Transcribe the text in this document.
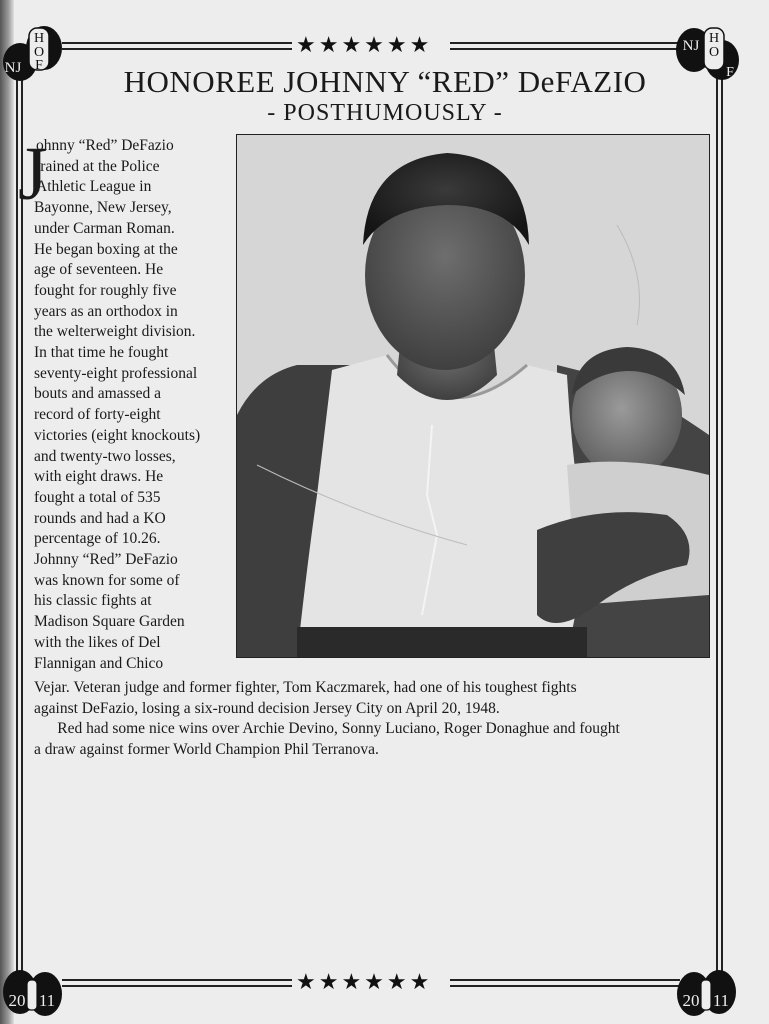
★★★★★★
★★★★★★
H
NJ
O
F
NJ H
O
F
20 11	20 11
HONOREE JOHNNY “RED” DeFAZIO
- POSTHUMOUSLY -
J
ohnny “Red” DeFazio
trained at the Police
Athletic League in
Bayonne, New Jersey,
under Carman Roman.
He began boxing at the
age of seventeen. He
fought for roughly five
years as an orthodox in
the welterweight division.
In that time he fought
seventy-eight professional
bouts and amassed a
record of forty-eight
victories (eight knockouts)
and twenty-two losses,
with eight draws. He
fought a total of 535
rounds and had a KO
percentage of 10.26.
Johnny “Red” DeFazio
was known for some of
his classic fights at
Madison Square Garden
with the likes of Del
Flannigan and Chico
Vejar. Veteran judge and former fighter, Tom Kaczmarek, had one of his toughest fights
against DeFazio, losing a six-round decision Jersey City on April 20, 1948.
  Red had some nice wins over Archie Devino, Sonny Luciano, Roger Donaghue and fought
a draw against former World Champion Phil Terranova.
